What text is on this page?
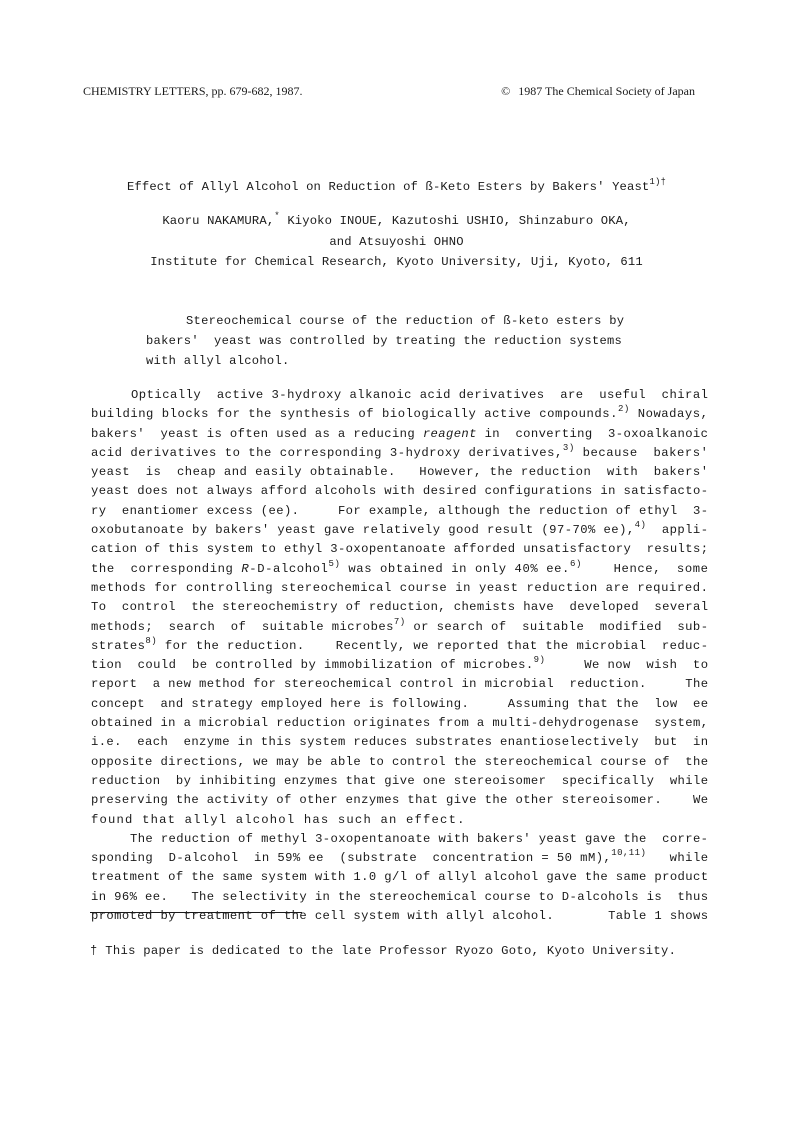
CHEMISTRY LETTERS, pp. 679-682, 1987.	© 1987 The Chemical Society of Japan
Effect of Allyl Alcohol on Reduction of ß-Keto Esters by Bakers' Yeast$^{1)\dagger}$
Kaoru NAKAMURA,* Kiyoko INOUE, Kazutoshi USHIO, Shinzaburo OKA,
and Atsuyoshi OHNO
Institute for Chemical Research, Kyoto University, Uji, Kyoto, 611
Stereochemical course of the reduction of ß-keto esters by
bakers'  yeast was controlled by treating the reduction systems
with allyl alcohol.
Optically  active 3-hydroxy alkanoic acid derivatives  are  useful  chiral
building blocks for the synthesis of biologically active compounds.$^{2)}$ Nowadays,
bakers'  yeast is often used as a reducing reagent in  converting  3-oxoalkanoic
acid derivatives to the corresponding 3-hydroxy derivatives,$^{3)}$ because  bakers'
yeast  is  cheap and easily obtainable.   However, the reduction  with  bakers'
yeast does not always afford alcohols with desired configurations in satisfacto-
ry  enantiomer excess (ee).     For example, although the reduction of ethyl  3-
oxobutanoate by bakers' yeast gave relatively good result (97-70% ee),$^{4)}$  appli-
cation of this system to ethyl 3-oxopentanoate afforded unsatisfactory  results;
the  corresponding R-D-alcohol$^{5)}$ was obtained in only 40% ee.$^{6)}$    Hence,  some
methods for controlling stereochemical course in yeast reduction are required.
To  control  the stereochemistry of reduction, chemists have  developed  several
methods;  search  of  suitable microbes$^{7)}$ or search of  suitable  modified  sub-
strates$^{8)}$ for the reduction.    Recently, we reported that the microbial  reduc-
tion  could  be controlled by immobilization of microbes.$^{9)}$     We now  wish  to
report  a new method for stereochemical control in microbial  reduction.     The
concept  and strategy employed here is following.     Assuming that the  low  ee
obtained in a microbial reduction originates from a multi-dehydrogenase  system,
i.e.  each  enzyme in this system reduces substrates enantioselectively  but  in
opposite directions, we may be able to control the stereochemical course of  the
reduction  by inhibiting enzymes that give one stereoisomer  specifically  while
preserving the activity of other enzymes that give the other stereoisomer.    We
found that allyl alcohol has such an effect.
The reduction of methyl 3-oxopentanoate with bakers' yeast gave the  corre-
sponding  D-alcohol  in 59% ee  (substrate  concentration = 50 mM),$^{10,11)}$   while
treatment of the same system with 1.0 g/l of allyl alcohol gave the same product
in 96% ee.   The selectivity in the stereochemical course to D-alcohols is  thus
promoted by treatment of the cell system with allyl alcohol.       Table 1 shows
† This paper is dedicated to the late Professor Ryozo Goto, Kyoto University.
